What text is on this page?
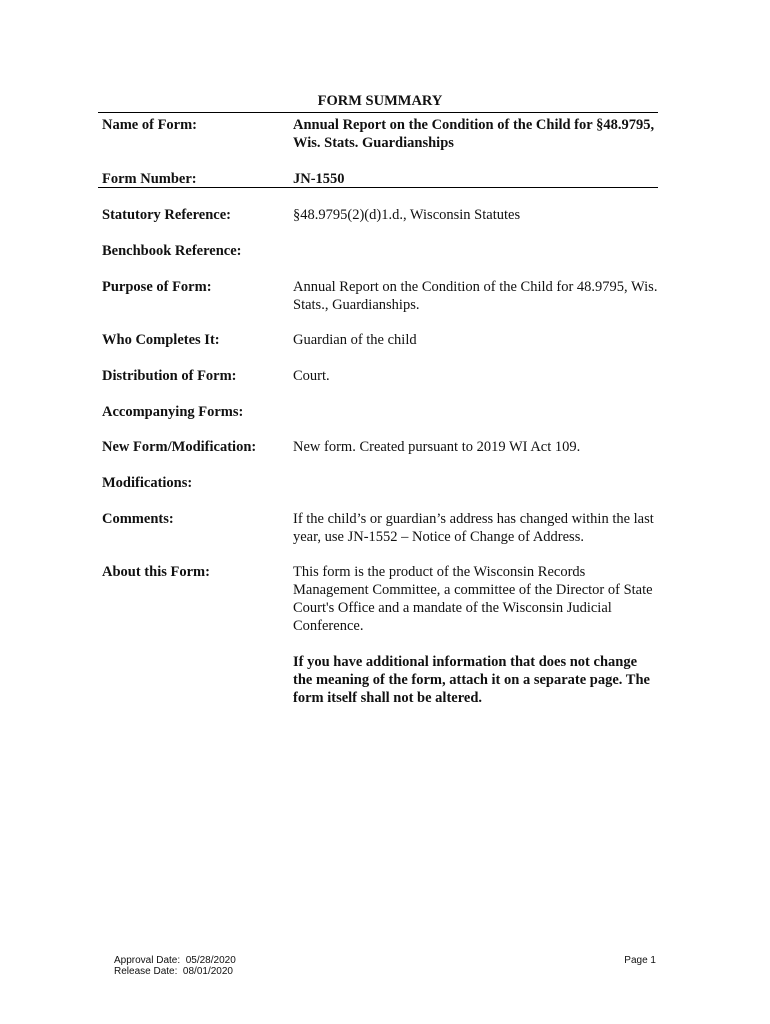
FORM SUMMARY
Name of Form:	Annual Report on the Condition of the Child for §48.9795, Wis. Stats. Guardianships
Form Number:	JN-1550
Statutory Reference:	§48.9795(2)(d)1.d., Wisconsin Statutes
Benchbook Reference:
Purpose of Form:	Annual Report on the Condition of the Child for 48.9795, Wis. Stats., Guardianships.
Who Completes It:	Guardian of the child
Distribution of Form:	Court.
Accompanying Forms:
New Form/Modification:	New form. Created pursuant to 2019 WI Act 109.
Modifications:
Comments:	If the child’s or guardian’s address has changed within the last year, use JN-1552 – Notice of Change of Address.
About this Form:	This form is the product of the Wisconsin Records Management Committee, a committee of the Director of State Court's Office and a mandate of the Wisconsin Judicial Conference.

If you have additional information that does not change the meaning of the form, attach it on a separate page. The form itself shall not be altered.

Approval Date:  05/28/2020
Release Date:  08/01/2020
Page 1
